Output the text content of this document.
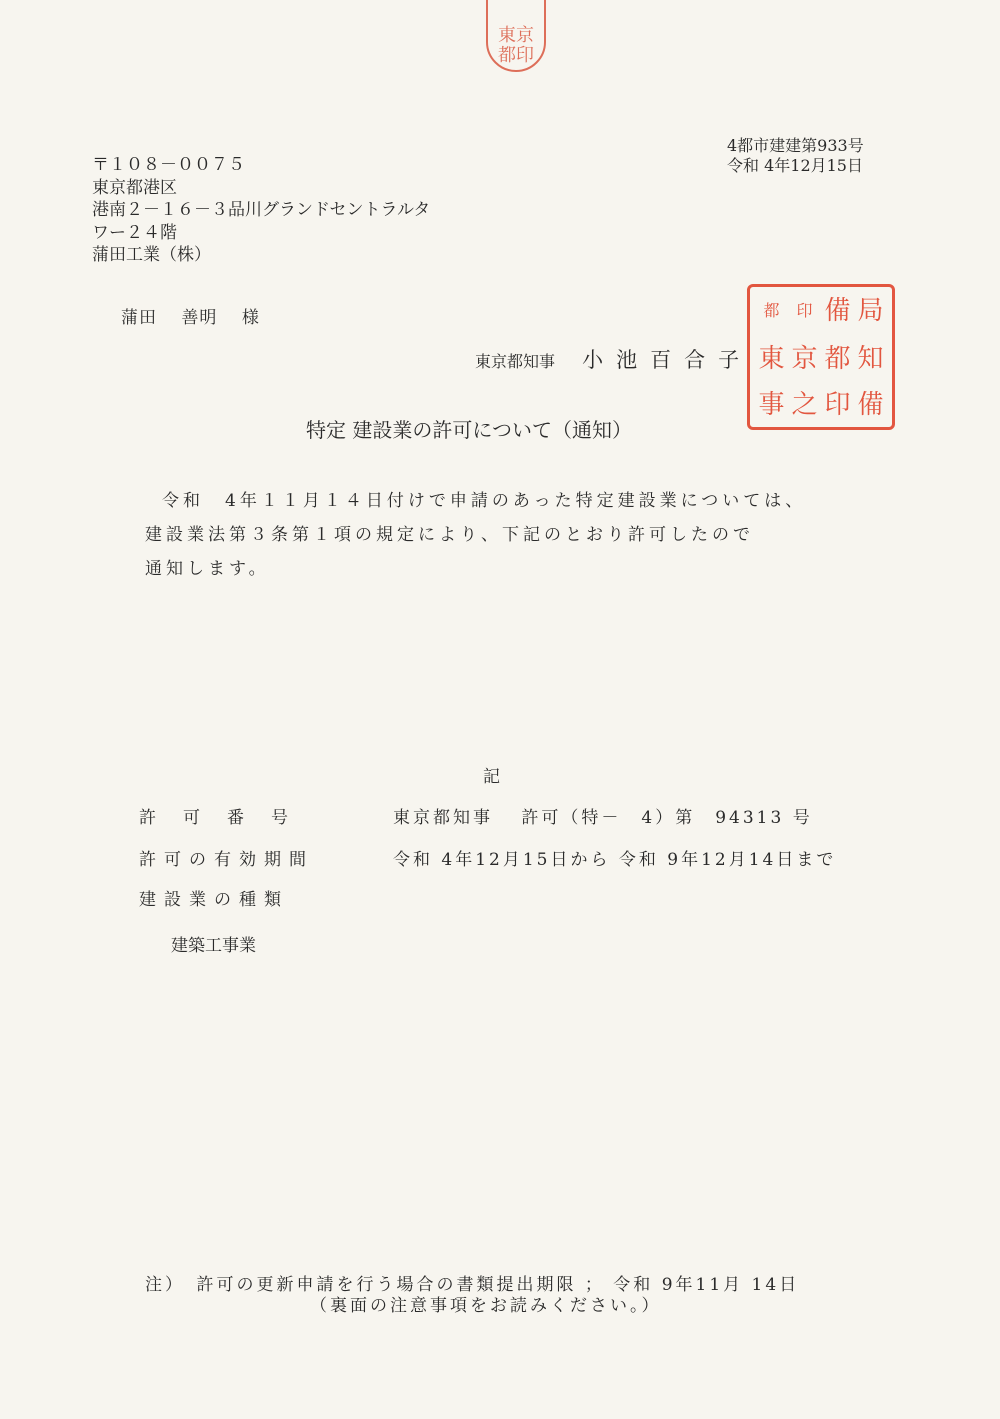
東 京
都 印
4都市建建第933号
令和 4年12月15日
〒１０８－００７５
東京都港区
港南２－１６－３品川グランドセントラルタ
ワー２４階
蒲田工業（株）
蒲田 善明 様
東京都知事 小池百合子
都	印 備 局
東 京 都 知
事 之 印 備
特定 建設業の許可について（通知）
令和　4年１１月１４日付けで申請のあった特定建設業については、
建設業法第３条第１項の規定により、下記のとおり許可したので
通知します。
記
許可番号	東京都知事　 許可（特－　4）第　94313 号
許可の有効期間	令和 4年12月15日から 令和 9年12月14日まで
建設業の種類
建築工事業
注）　許可の更新申請を行う場合の書類提出期限 ； 令和 9年11月 14日
（裏面の注意事項をお読みください。）
